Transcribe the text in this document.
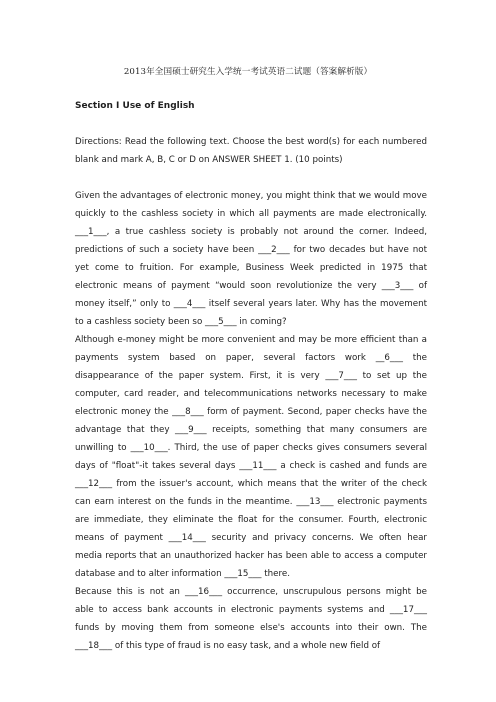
2013年全国硕士研究生入学统一考试英语二试题（答案解析版）
Section I Use of English
Directions: Read the following text. Choose the best word(s) for each numbered
blank and mark A, B, C or D on ANSWER SHEET 1. (10 points)
Given the advantages of electronic money, you might think that we would move
quickly to the cashless society in which all payments are made electronically.
___1___, a true cashless society is probably not around the corner. Indeed,
predictions of such a society have been ___2___ for two decades but have not
yet come to fruition. For example, Business Week predicted in 1975 that
electronic means of payment “would soon revolutionize the very ___3___ of
money itself,” only to ___4___ itself several years later. Why has the movement
to a cashless society been so ___5___ in coming?
Although e-money might be more convenient and may be more efficient than a
payments system based on paper, several factors work __6___ the
disappearance of the paper system. First, it is very ___7___ to set up the
computer, card reader, and telecommunications networks necessary to make
electronic money the ___8___ form of payment. Second, paper checks have the
advantage that they ___9___ receipts, something that many consumers are
unwilling to ___10___. Third, the use of paper checks gives consumers several
days of "float"-it takes several days ___11___ a check is cashed and funds are
___12___ from the issuer's account, which means that the writer of the check
can earn interest on the funds in the meantime. ___13___ electronic payments
are immediate, they eliminate the float for the consumer. Fourth, electronic
means of payment ___14___ security and privacy concerns. We often hear
media reports that an unauthorized hacker has been able to access a computer
database and to alter information ___15___ there.
Because this is not an ___16___ occurrence, unscrupulous persons might be
able to access bank accounts in electronic payments systems and ___17___
funds by moving them from someone else's accounts into their own. The
___18___ of this type of fraud is no easy task, and a whole new field of
